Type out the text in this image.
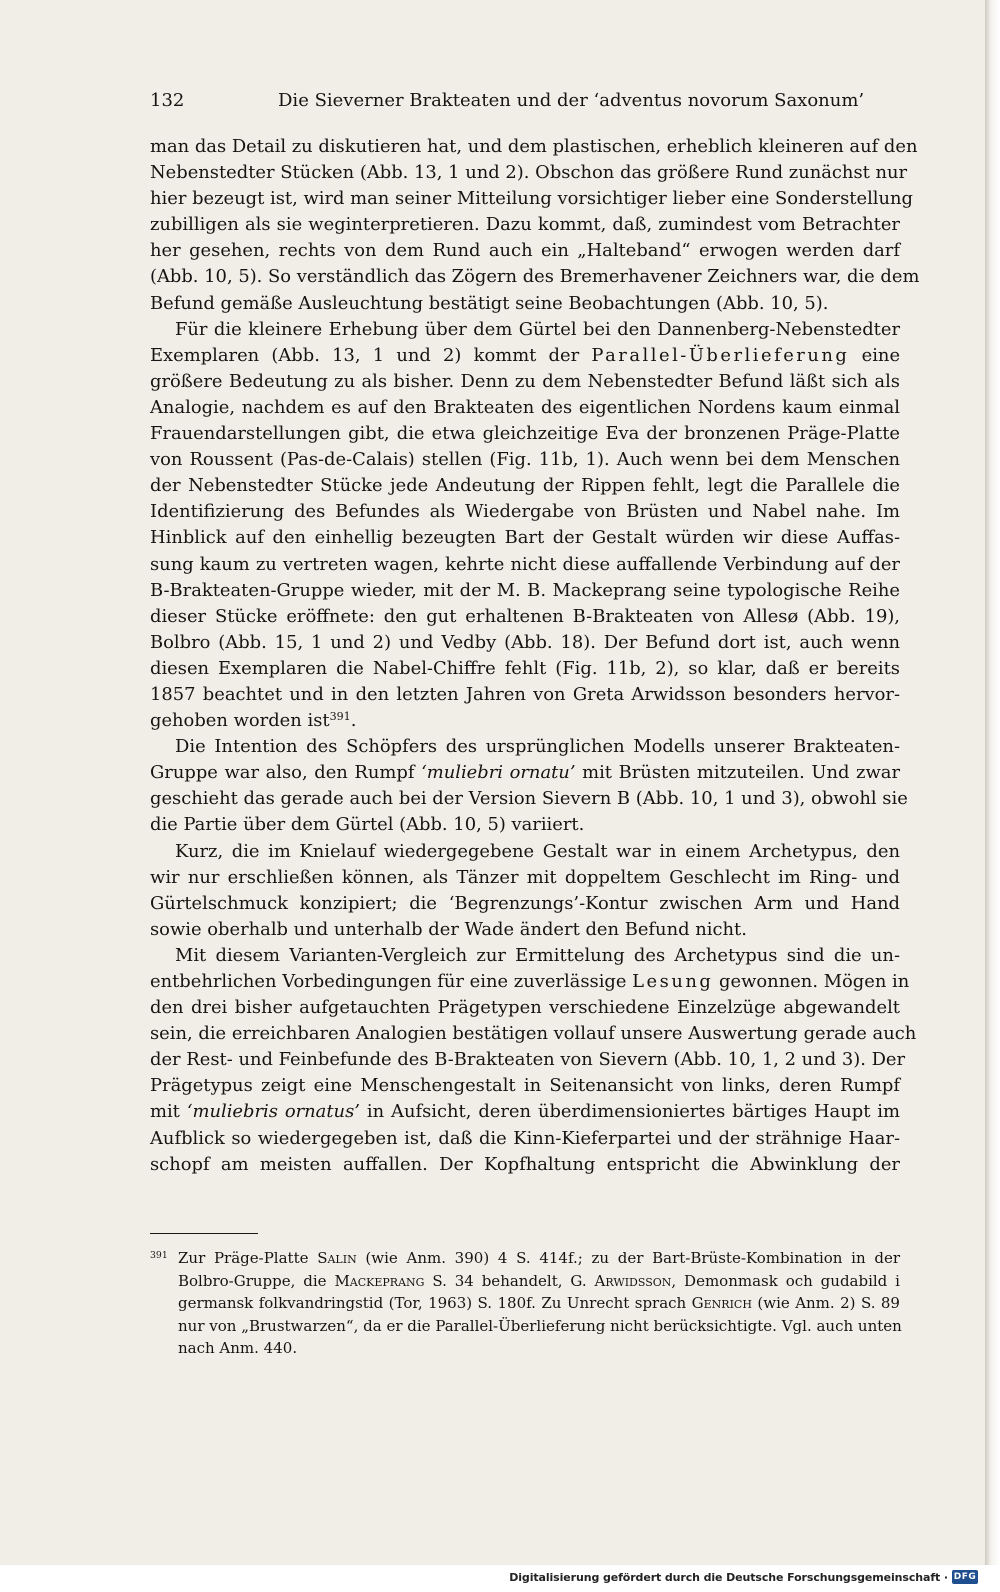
132	Die Sieverner Brakteaten und der ‘adventus novorum Saxonum’
man das Detail zu diskutieren hat, und dem plastischen, erheblich kleineren auf den
Nebenstedter Stücken (Abb. 13, 1 und 2). Obschon das größere Rund zunächst nur
hier bezeugt ist, wird man seiner Mitteilung vorsichtiger lieber eine Sonderstellung
zubilligen als sie weginterpretieren. Dazu kommt, daß, zumindest vom Betrachter
her gesehen, rechts von dem Rund auch ein „Halteband“ erwogen werden darf
(Abb. 10, 5). So verständlich das Zögern des Bremerhavener Zeichners war, die dem
Befund gemäße Ausleuchtung bestätigt seine Beobachtungen (Abb. 10, 5).
Für die kleinere Erhebung über dem Gürtel bei den Dannenberg-Nebenstedter
Exemplaren (Abb. 13, 1 und 2) kommt der Parallel-Überlieferung eine
größere Bedeutung zu als bisher. Denn zu dem Nebenstedter Befund läßt sich als
Analogie, nachdem es auf den Brakteaten des eigentlichen Nordens kaum einmal
Frauendarstellungen gibt, die etwa gleichzeitige Eva der bronzenen Präge-Platte
von Roussent (Pas-de-Calais) stellen (Fig. 11b, 1). Auch wenn bei dem Menschen
der Nebenstedter Stücke jede Andeutung der Rippen fehlt, legt die Parallele die
Identifizierung des Befundes als Wiedergabe von Brüsten und Nabel nahe. Im
Hinblick auf den einhellig bezeugten Bart der Gestalt würden wir diese Auffas-
sung kaum zu vertreten wagen, kehrte nicht diese auffallende Verbindung auf der
B-Brakteaten-Gruppe wieder, mit der M. B. Mackeprang seine typologische Reihe
dieser Stücke eröffnete: den gut erhaltenen B-Brakteaten von Allesø (Abb. 19),
Bolbro (Abb. 15, 1 und 2) und Vedby (Abb. 18). Der Befund dort ist, auch wenn
diesen Exemplaren die Nabel-Chiffre fehlt (Fig. 11b, 2), so klar, daß er bereits
1857 beachtet und in den letzten Jahren von Greta Arwidsson besonders hervor-
gehoben worden ist$^{391}$.
Die Intention des Schöpfers des ursprünglichen Modells unserer Brakteaten-
Gruppe war also, den Rumpf ‘muliebri ornatu’ mit Brüsten mitzuteilen. Und zwar
geschieht das gerade auch bei der Version Sievern B (Abb. 10, 1 und 3), obwohl sie
die Partie über dem Gürtel (Abb. 10, 5) variiert.
Kurz, die im Knielauf wiedergegebene Gestalt war in einem Archetypus, den
wir nur erschließen können, als Tänzer mit doppeltem Geschlecht im Ring- und
Gürtelschmuck konzipiert; die ‘Begrenzungs’-Kontur zwischen Arm und Hand
sowie oberhalb und unterhalb der Wade ändert den Befund nicht.
Mit diesem Varianten-Vergleich zur Ermittelung des Archetypus sind die un-
entbehrlichen Vorbedingungen für eine zuverlässige Lesung gewonnen. Mögen in
den drei bisher aufgetauchten Prägetypen verschiedene Einzelzüge abgewandelt
sein, die erreichbaren Analogien bestätigen vollauf unsere Auswertung gerade auch
der Rest- und Feinbefunde des B-Brakteaten von Sievern (Abb. 10, 1, 2 und 3). Der
Prägetypus zeigt eine Menschengestalt in Seitenansicht von links, deren Rumpf
mit ‘muliebris ornatus’ in Aufsicht, deren überdimensioniertes bärtiges Haupt im
Aufblick so wiedergegeben ist, daß die Kinn-Kieferpartei und der strähnige Haar-
schopf am meisten auffallen. Der Kopfhaltung entspricht die Abwinklung der
391 Zur Präge-Platte Salin (wie Anm. 390) 4 S. 414f.; zu der Bart-Brüste-Kombination in der
Bolbro-Gruppe, die Mackeprang S. 34 behandelt, G. Arwidsson, Demonmask och gudabild i
germansk folkvandringstid (Tor, 1963) S. 180f. Zu Unrecht sprach Genrich (wie Anm. 2) S. 89
nur von „Brustwarzen“, da er die Parallel-Überlieferung nicht berücksichtigte. Vgl. auch unten
nach Anm. 440.
Digitalisierung gefördert durch die Deutsche Forschungsgemeinschaft · DFG
